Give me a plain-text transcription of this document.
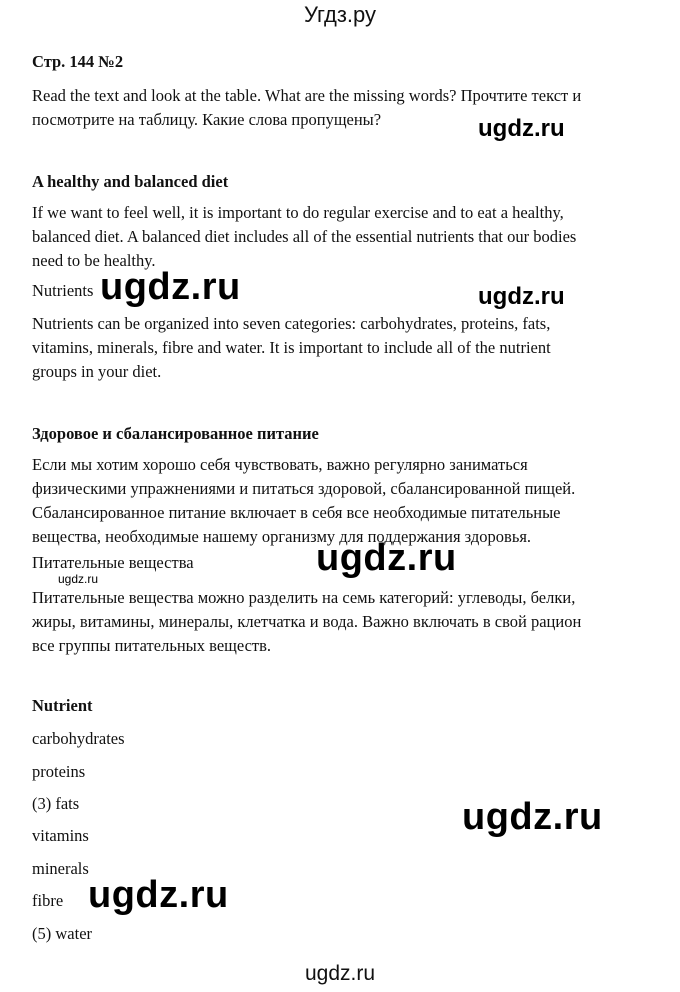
Угдз.ру
Стр. 144 №2
Read the text and look at the table. What are the missing words? Прочтите текст и
посмотрите на таблицу. Какие слова пропущены?	ugdz.ru
A healthy and balanced diet
If we want to feel well, it is important to do regular exercise and to eat a healthy,
balanced diet. A balanced diet includes all of the essential nutrients that our bodies
need to be healthy.
Nutrients ugdz.ru	ugdz.ru
Nutrients can be organized into seven categories: carbohydrates, proteins, fats,
vitamins, minerals, fibre and water. It is important to include all of the nutrient
groups in your diet.
Здоровое и сбалансированное питание
Если мы хотим хорошо себя чувствовать, важно регулярно заниматься
физическими упражнениями и питаться здоровой, сбалансированной пищей.
Сбалансированное питание включает в себя все необходимые питательные
вещества, необходимые нашему организму для поддержания здоровья.
Питательные вещества	ugdz.ru
ugdz.ru
Питательные вещества можно разделить на семь категорий: углеводы, белки,
жиры, витамины, минералы, клетчатка и вода. Важно включать в свой рацион
все группы питательных веществ.
Nutrient
carbohydrates
proteins
(3) fats
vitamins
minerals
fibre
(5) water
ugdz.ru
ugdz.ru
ugdz.ru
